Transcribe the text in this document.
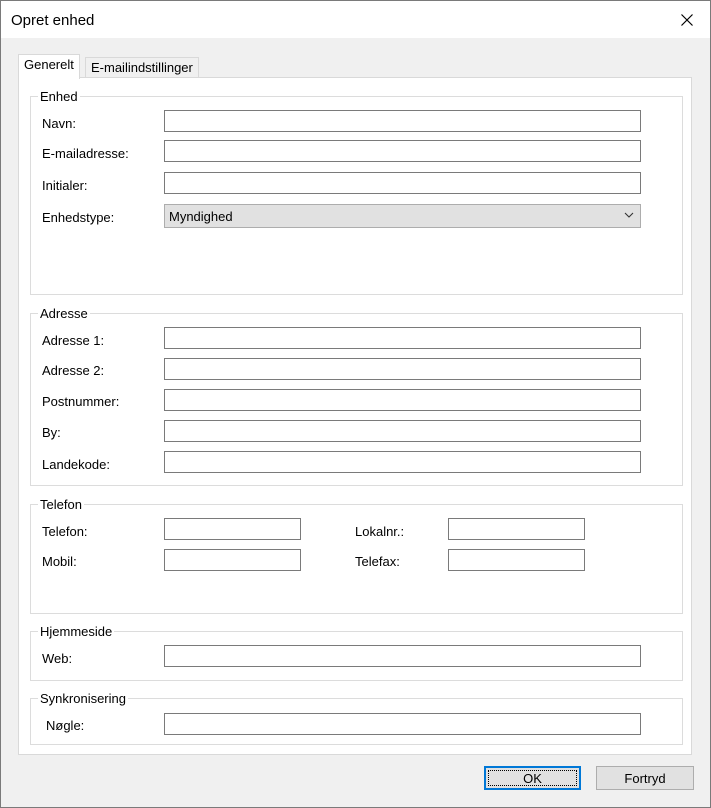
Opret enhed
Generelt	E-mailindstillinger
Enhed
Navn:
E-mailadresse:
Initialer:
Enhedstype:	Myndighed
Adresse
Adresse 1:
Adresse 2:
Postnummer:
By:
Landekode:
Telefon
Telefon:	Lokalnr.:
Mobil:	Telefax:
Hjemmeside
Web:
Synkronisering
Nøgle:
OK	Fortryd
